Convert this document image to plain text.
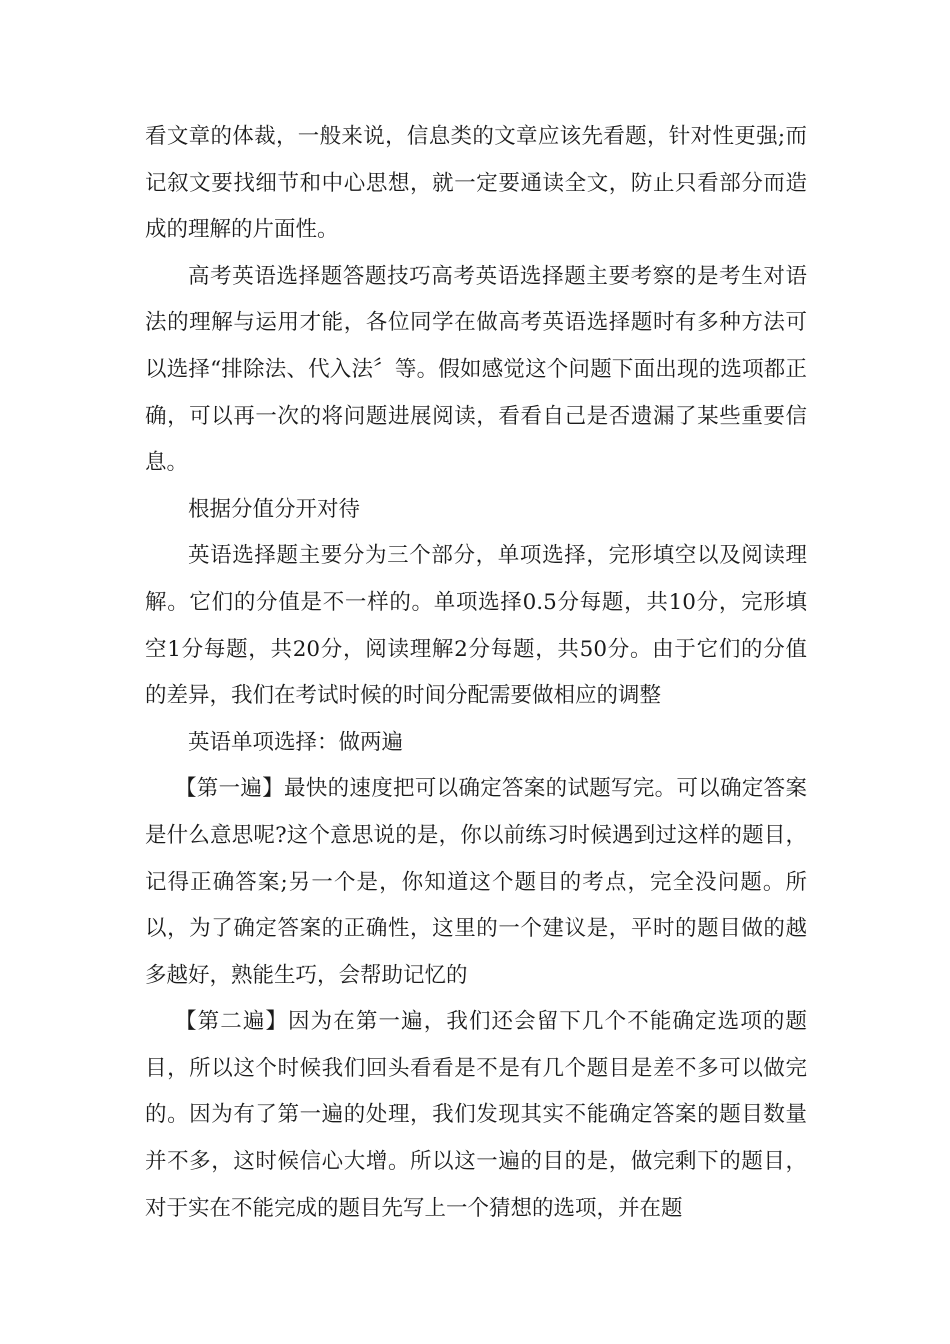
看文章的体裁，一般来说，信息类的文章应该先看题，针对性更强;而记叙文要找细节和中心思想，就一定要通读全文，防止只看部分而造成的理解的片面性。

高考英语选择题答题技巧高考英语选择题主要考察的是考生对语法的理解与运用才能，各位同学在做高考英语选择题时有多种方法可以选择“排除法、代入法〞等。假如感觉这个问题下面出现的选项都正确，可以再一次的将问题进展阅读，看看自己是否遗漏了某些重要信息。

根据分值分开对待

英语选择题主要分为三个部分，单项选择，完形填空以及阅读理解。它们的分值是不一样的。单项选择0.5分每题，共10分，完形填空1分每题，共20分，阅读理解2分每题，共50分。由于它们的分值的差异，我们在考试时候的时间分配需要做相应的调整

英语单项选择：做两遍

【第一遍】最快的速度把可以确定答案的试题写完。可以确定答案是什么意思呢?这个意思说的是，你以前练习时候遇到过这样的题目，记得正确答案;另一个是，你知道这个题目的考点，完全没问题。所以，为了确定答案的正确性，这里的一个建议是，平时的题目做的越多越好，熟能生巧，会帮助记忆的

【第二遍】因为在第一遍，我们还会留下几个不能确定选项的题目，所以这个时候我们回头看看是不是有几个题目是差不多可以做完的。因为有了第一遍的处理，我们发现其实不能确定答案的题目数量并不多，这时候信心大增。所以这一遍的目的是，做完剩下的题目，对于实在不能完成的题目先写上一个猜想的选项，并在题
